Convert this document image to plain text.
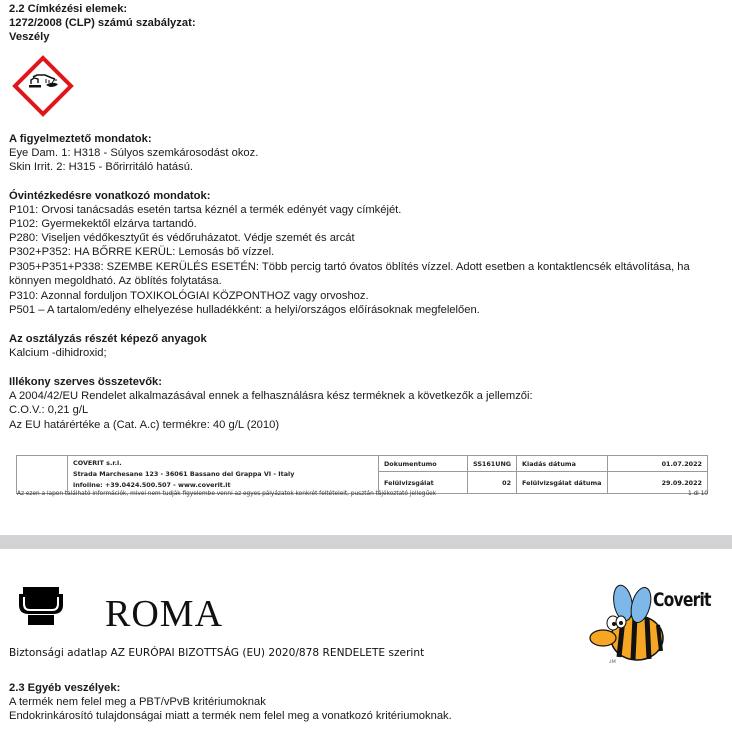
2.2 Címkézési elemek:
1272/2008 (CLP) számú szabályzat:
Veszély
A figyelmeztető mondatok:
Eye Dam. 1: H318 - Súlyos szemkárosodást okoz.
Skin Irrit. 2: H315 - Bőrirritáló hatású.
Óvintézkedésre vonatkozó mondatok:
P101: Orvosi tanácsadás esetén tartsa kéznél a termék edényét vagy címkéjét.
P102: Gyermekektől elzárva tartandó.
P280: Viseljen védőkesztyűt és védőruházatot. Védje szemét és arcát
P302+P352: HA BŐRRE KERÜL: Lemosás bő vízzel.
P305+P351+P338: SZEMBE KERÜLÉS ESETÉN: Több percig tartó óvatos öblítés vízzel. Adott esetben a kontaktlencsék eltávolítása, ha könnyen megoldható. Az öblítés folytatása.
P310: Azonnal forduljon TOXIKOLÓGIAI KÖZPONTHOZ vagy orvoshoz.
P501 – A tartalom/edény elhelyezése hulladékként: a helyi/országos előírásoknak megfelelően.
Az osztályzás részét képező anyagok
Kalcium -dihidroxid;
Illékony szerves összetevők:
A 2004/42/EU Rendelet alkalmazásával ennek a felhasználásra kész terméknek a következők a jellemzői:
C.O.V.: 0,21 g/L
Az EU határértéke a (Cat. A.c) termékre: 40 g/L (2010)

	COVERIT s.r.l.
Strada Marchesane 123 - 36061 Bassano del Grappa VI - Italy
infoline: +39.0424.500.507 - www.coverit.it	Dokumentumo	SS161UNG	Kiadás dátuma	01.07.2022
		Felülvizsgálat	02	Felülvizsgálat dátuma	29.09.2022

Az ezen a lapon található információk, mivel nem tudják figyelembe venni az egyes pályázatok konkrét feltételeit, pusztán tájékoztató jellegűek	1 di 10
ROMA
Biztonsági adatlap AZ EURÓPAI BIZOTTSÁG (EU) 2020/878 RENDELETE szerint
ᴊᴍ
Coverit
2.3 Egyéb veszélyek:
A termék nem felel meg a PBT/vPvB kritériumoknak
Endokrinkárosító tulajdonságai miatt a termék nem felel meg a vonatkozó kritériumoknak.
